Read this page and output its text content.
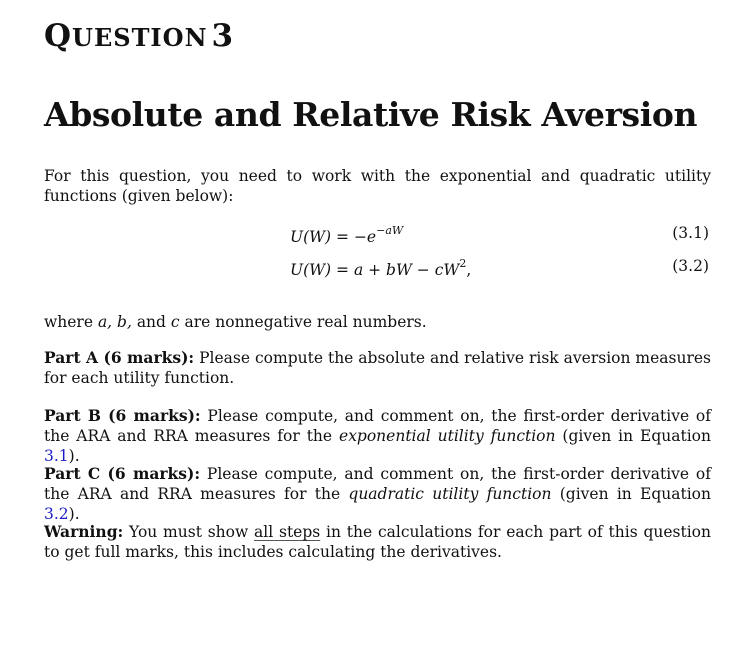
QUESTION 3
Absolute and Relative Risk Aversion

For this question, you need to work with the exponential and quadratic utility functions (given below):

$U(W) = -e^{-aW}$	(3.1)
U(W) = a + bW − $cW^2$,	(3.2)

where a, b, and c are nonnegative real numbers.

Part A (6 marks): Please compute the absolute and relative risk aversion measures for each utility function.

Part B (6 marks): Please compute, and comment on, the first-order derivative of the ARA and RRA measures for the exponential utility function (given in Equation 3.1).

Part C (6 marks): Please compute, and comment on, the first-order derivative of the ARA and RRA measures for the quadratic utility function (given in Equation 3.2).

Warning: You must show all steps in the calculations for each part of this question to get full marks, this includes calculating the derivatives.
